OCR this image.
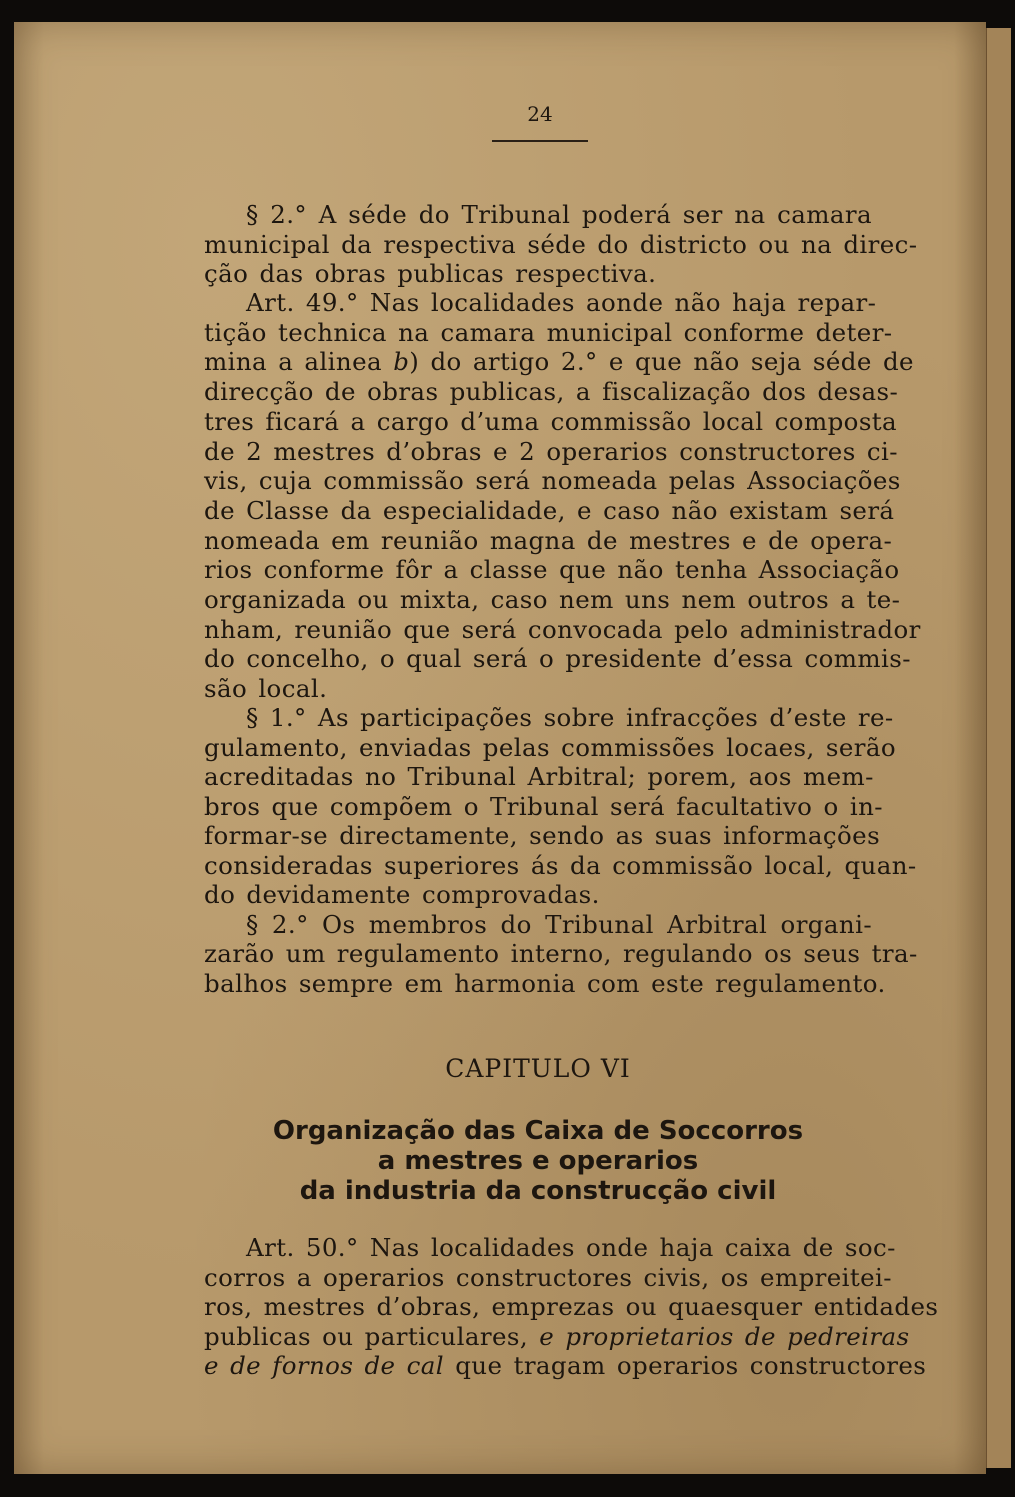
24
§ 2.° A séde do Tribunal poderá ser na camara
municipal da respectiva séde do districto ou na direc-
ção das obras publicas respectiva.
Art. 49.° Nas localidades aonde não haja repar-
tição technica na camara municipal conforme deter-
mina a alinea b) do artigo 2.° e que não seja séde de
direcção de obras publicas, a fiscalização dos desas-
tres ficará a cargo d’uma commissão local composta
de 2 mestres d’obras e 2 operarios constructores ci-
vis, cuja commissão será nomeada pelas Associações
de Classe da especialidade, e caso não existam será
nomeada em reunião magna de mestres e de opera-
rios conforme fôr a classe que não tenha Associação
organizada ou mixta, caso nem uns nem outros a te-
nham, reunião que será convocada pelo administrador
do concelho, o qual será o presidente d’essa commis-
são local.
§ 1.° As participações sobre infracções d’este re-
gulamento, enviadas pelas commissões locaes, serão
acreditadas no Tribunal Arbitral; porem, aos mem-
bros que compõem o Tribunal será facultativo o in-
formar-se directamente, sendo as suas informações
consideradas superiores ás da commissão local, quan-
do devidamente comprovadas.
§ 2.° Os membros do Tribunal Arbitral organi-
zarão um regulamento interno, regulando os seus tra-
balhos sempre em harmonia com este regulamento.
CAPITULO VI
Organização das Caixa de Soccorros
a mestres e operarios
da industria da construcção civil
Art. 50.° Nas localidades onde haja caixa de soc-
corros a operarios constructores civis, os empreitei-
ros, mestres d’obras, emprezas ou quaesquer entidades
publicas ou particulares, e proprietarios de pedreiras
e de fornos de cal que tragam operarios constructores
